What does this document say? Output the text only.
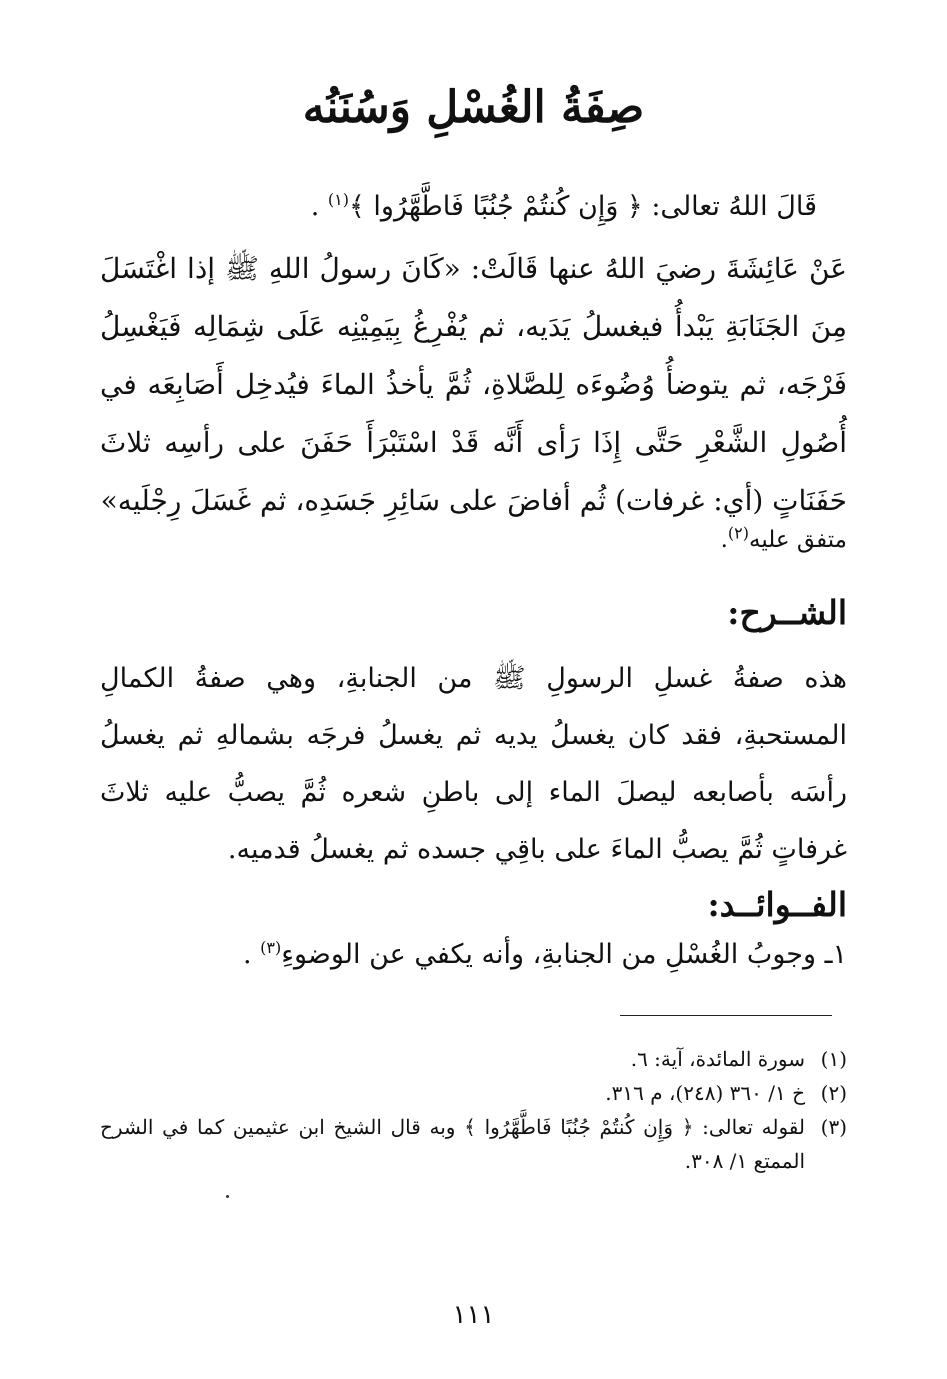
صِفَةُ الغُسْلِ وَسُنَنُه
قَالَ اللهُ تعالى: ﴿ وَإِن كُنتُمْ جُنُبًا فَاطَّهَّرُوا ﴾$^{(١)}$ .
عَنْ عَائِشَةَ رضيَ اللهُ عنها قَالَتْ: «كَانَ رسولُ اللهِ ﷺ إذا اغْتَسَلَ مِنَ الجَنَابَةِ يَبْدأُ فيغسلُ يَدَيه، ثم يُفْرِغُ بِيَمِيْنِه عَلَى شِمَالِه فَيَغْسِلُ فَرْجَه، ثم يتوضأُ وُضُوءَه لِلصَّلاةِ، ثُمَّ يأخذُ الماءَ فيُدخِل أَصَابِعَه في أُصُولِ الشَّعْرِ حَتَّى إِذَا رَأى أَنَّه قَدْ اسْتَبْرَأَ حَفَنَ على رأسِه ثلاثَ حَفَنَاتٍ (أي: غرفات) ثُم أفاضَ على سَائِرِ جَسَدِه، ثم غَسَلَ رِجْلَيه»
متفق عليه$^{(٢)}$.
الشــرح:
هذه صفةُ غسلِ الرسولِ ﷺ من الجنابةِ، وهي صفةُ الكمالِ المستحبةِ، فقد كان يغسلُ يديه ثم يغسلُ فرجَه بشمالهِ ثم يغسلُ رأسَه بأصابعه ليصلَ الماء إلى باطنِ شعره ثُمَّ يصبُّ عليه ثلاثَ غرفاتٍ ثُمَّ يصبُّ الماءَ على باقِي جسده ثم يغسلُ قدميه.
الفــوائــد:
١ـ وجوبُ الغُسْلِ من الجنابةِ، وأنه يكفي عن الوضوءِ$^{(٣)}$ .
(١)
سورة المائدة، آية: ٦.
(٢)
خ ١/ ٣٦٠ (٢٤٨)، م ٣١٦.
(٣)
لقوله تعالى: ﴿ وَإِن كُنتُمْ جُنُبًا فَاطَّهَّرُوا ﴾ وبه قال الشيخ ابن عثيمين كما في الشرح الممتع ١/ ٣٠٨.
١١١
